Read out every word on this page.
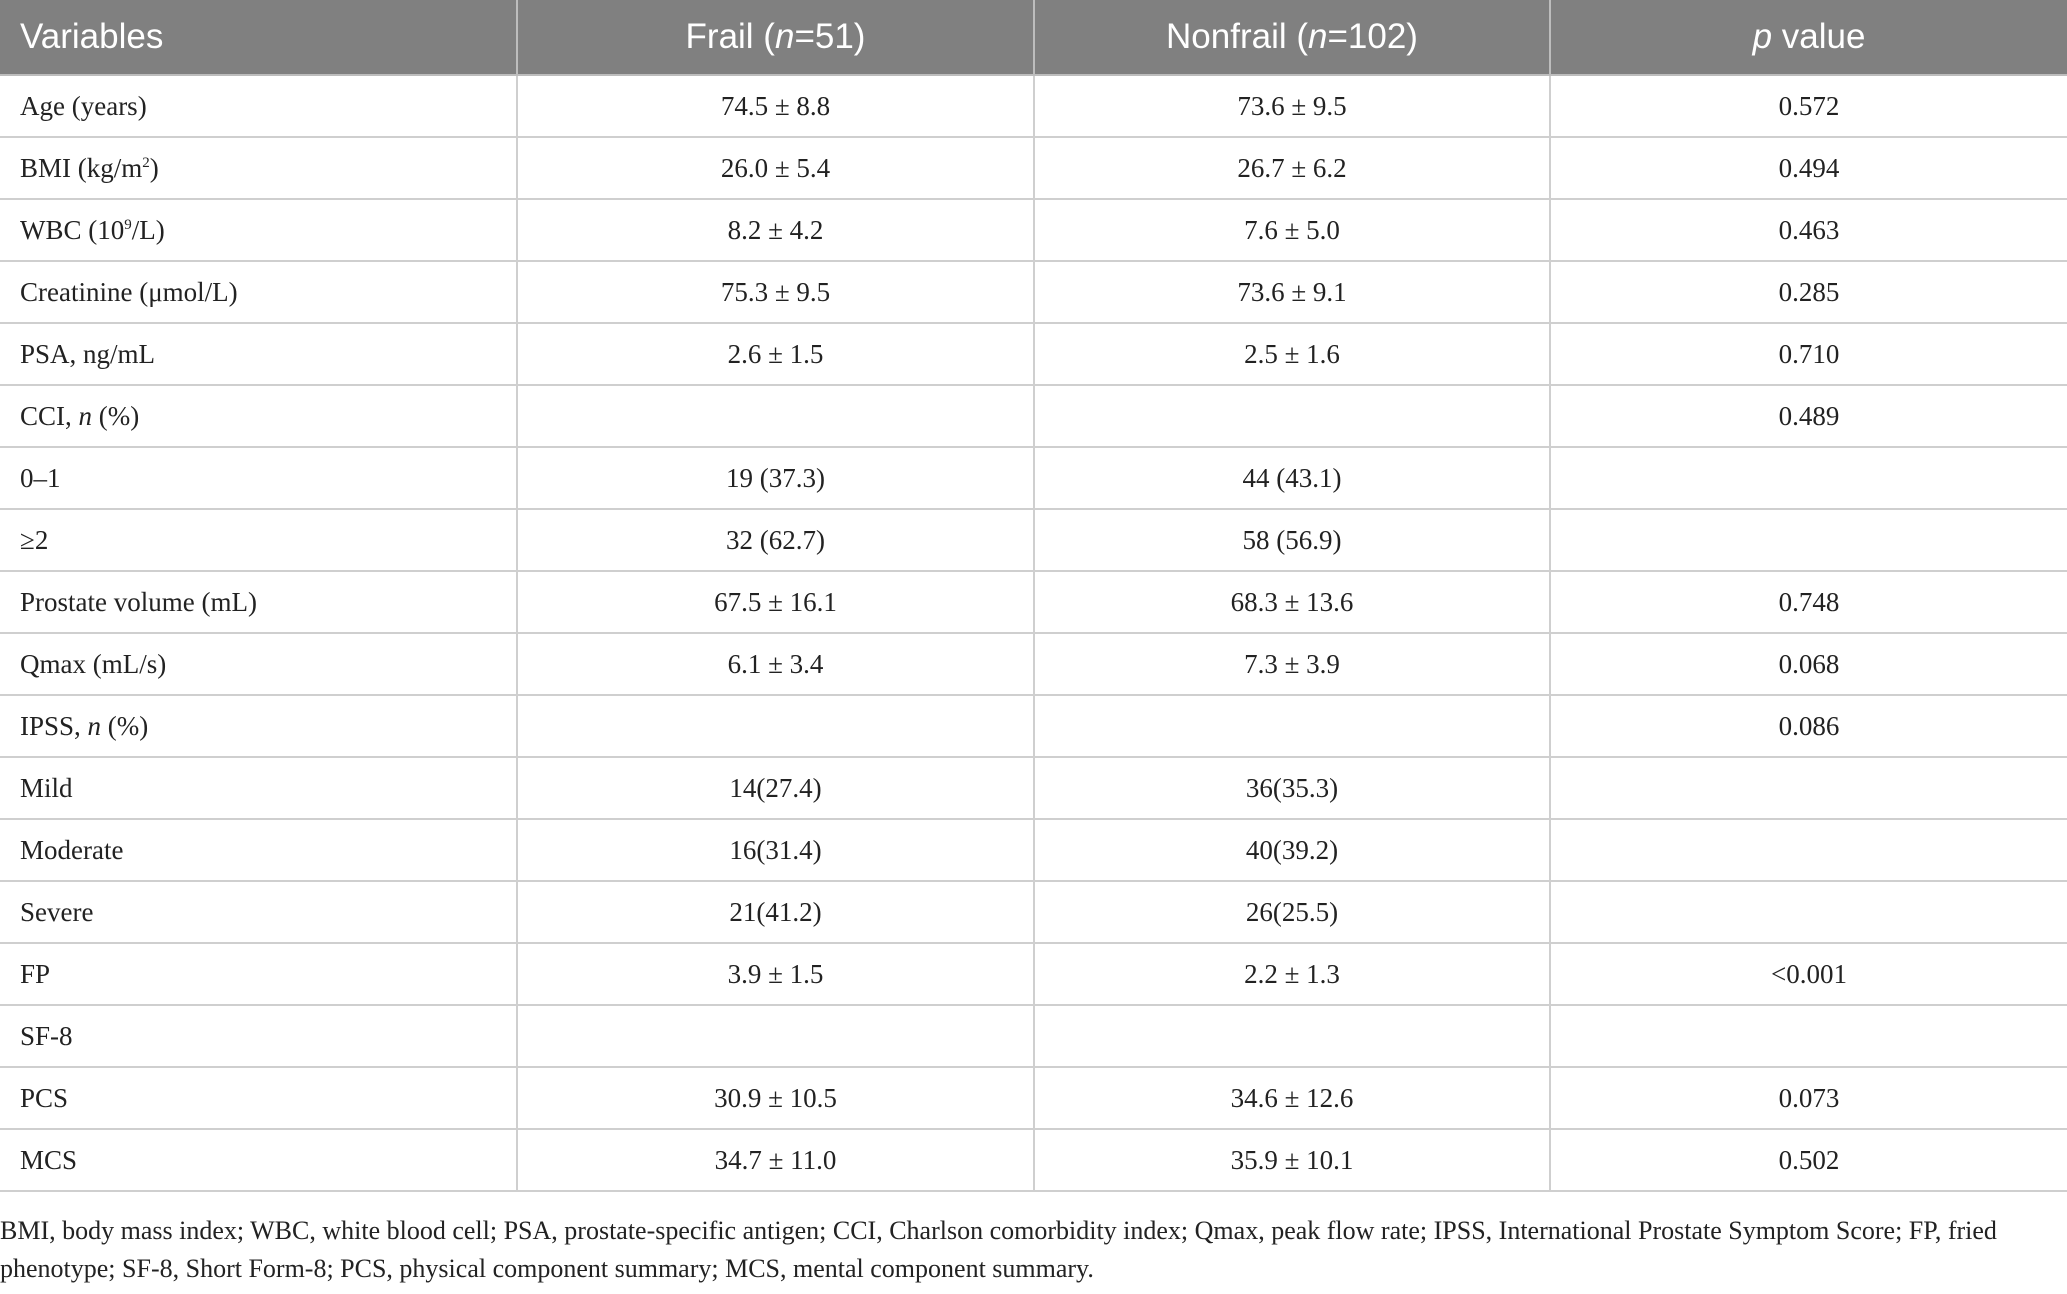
Variables	Frail (n=51)	Nonfrail (n=102)	p value
Age (years)	74.5 ± 8.8	73.6 ± 9.5	0.572
BMI $(kg/m^2)$	26.0 ± 5.4	26.7 ± 6.2	0.494
WBC $(10^9/L)$	8.2 ± 4.2	7.6 ± 5.0	0.463
Creatinine (μmol/L)	75.3 ± 9.5	73.6 ± 9.1	0.285
PSA, ng/mL	2.6 ± 1.5	2.5 ± 1.6	0.710
CCI, n (%)			0.489
0–1	19 (37.3)	44 (43.1)	
≥2	32 (62.7)	58 (56.9)	
Prostate volume (mL)	67.5 ± 16.1	68.3 ± 13.6	0.748
Qmax (mL/s)	6.1 ± 3.4	7.3 ± 3.9	0.068
IPSS, n (%)			0.086
Mild	14(27.4)	36(35.3)	
Moderate	16(31.4)	40(39.2)	
Severe	21(41.2)	26(25.5)	
FP	3.9 ± 1.5	2.2 ± 1.3	<0.001
SF-8			
PCS	30.9 ± 10.5	34.6 ± 12.6	0.073
MCS	34.7 ± 11.0	35.9 ± 10.1	0.502
BMI, body mass index; WBC, white blood cell; PSA, prostate-specific antigen; CCI, Charlson comorbidity index; Qmax, peak flow rate; IPSS, International Prostate Symptom Score; FP, fried phenotype; SF-8, Short Form-8; PCS, physical component summary; MCS, mental component summary.
